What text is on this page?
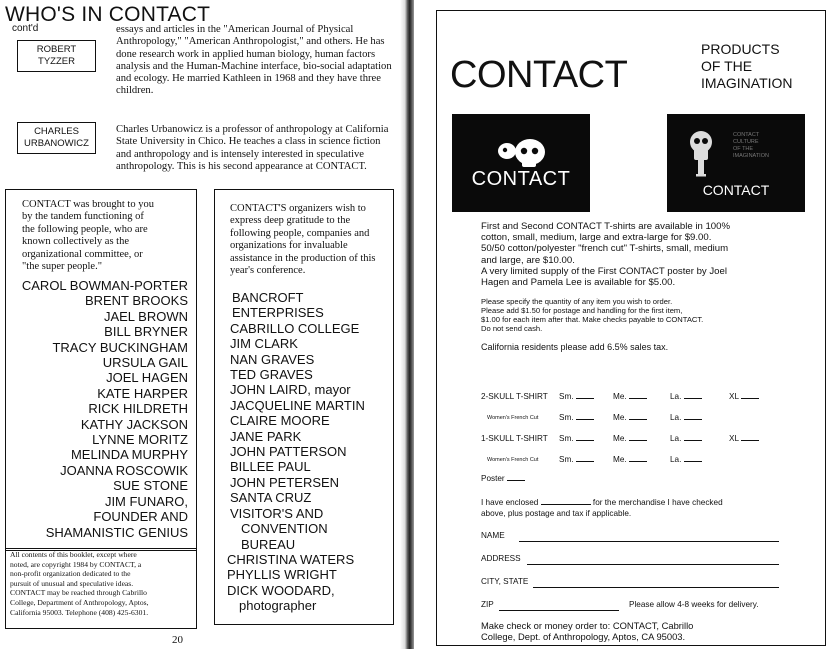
WHO'S IN CONTACT
cont'd
ROBERT
TYZZER
essays and articles in the "American Journal of Physical
Anthropology," "American Anthropologist," and others. He has
done research work in applied human biology, human factors
analysis and the Human-Machine interface, bio-social adaptation
and ecology. He married Kathleen in 1968 and they have three
children.
CHARLES
URBANOWICZ
Charles Urbanowicz is a professor of anthropology at California
State University in Chico. He teaches a class in science fiction
and anthropology and is intensely interested in speculative
anthropology. This is his second appearance at CONTACT.
CONTACT was brought to you
by the tandem functioning of
the following people, who are
known collectively as the
organizational committee, or
"the super people."
CAROL BOWMAN-PORTER
BRENT BROOKS
JAEL BROWN
BILL BRYNER
TRACY BUCKINGHAM
URSULA GAIL
JOEL HAGEN
KATE HARPER
RICK HILDRETH
KATHY JACKSON
LYNNE MORITZ
MELINDA MURPHY
JOANNA ROSCOWIK
SUE STONE
JIM FUNARO,
FOUNDER AND
SHAMANISTIC GENIUS
All contents of this booklet, except where
noted, are copyright 1984 by CONTACT, a
non-profit organization dedicated to the
pursuit of unusual and speculative ideas.
CONTACT may be reached through Cabrillo
College, Department of Anthropology, Aptos,
California 95003. Telephone (408) 425-6301.
CONTACT'S organizers wish to
express deep gratitude to the
following people, companies and
organizations for invaluable
assistance in the production of this
year's conference.
BANCROFT ENTERPRISES
CABRILLO COLLEGE
JIM CLARK
NAN GRAVES
TED GRAVES
JOHN LAIRD, mayor
JACQUELINE MARTIN
CLAIRE MOORE
JANE PARK
JOHN PATTERSON
BILLEE PAUL
JOHN PETERSEN
SANTA CRUZ
VISITOR'S AND
CONVENTION
BUREAU
CHRISTINA WATERS
PHYLLIS WRIGHT
DICK WOODARD,
photographer
20
CONTACT
PRODUCTS
OF THE
IMAGINATION
CONTACT
CONTACT
CULTURE
OF THE
IMAGINATION
CONTACT
First and Second CONTACT T-shirts are available in 100%
cotton, small, medium, large and extra-large for $9.00.
50/50 cotton/polyester "french cut" T-shirts, small, medium
and large, are $10.00.
A very limited supply of the First CONTACT poster by Joel
Hagen and Pamela Lee is available for $5.00.
Please specify the quantity of any item you wish to order.
Please add $1.50 for postage and handling for the first item,
$1.00 for each item after that. Make checks payable to CONTACT.
Do not send cash.
California residents please add 6.5% sales tax.
2-SKULL T-SHIRT Sm.	Me.	La.	XL
Women's French Cut	Sm.	Me.	La.
1-SKULL T-SHIRT Sm.	Me.	La.	XL
Women's French Cut	Sm.	Me.	La.
Poster
I have enclosed	for the merchandise I have checked
above, plus postage and tax if applicable.
NAME
ADDRESS
CITY, STATE
ZIP	Please allow 4-8 weeks for delivery.
Make check or money order to: CONTACT, Cabrillo
College, Dept. of Anthropology, Aptos, CA 95003.
